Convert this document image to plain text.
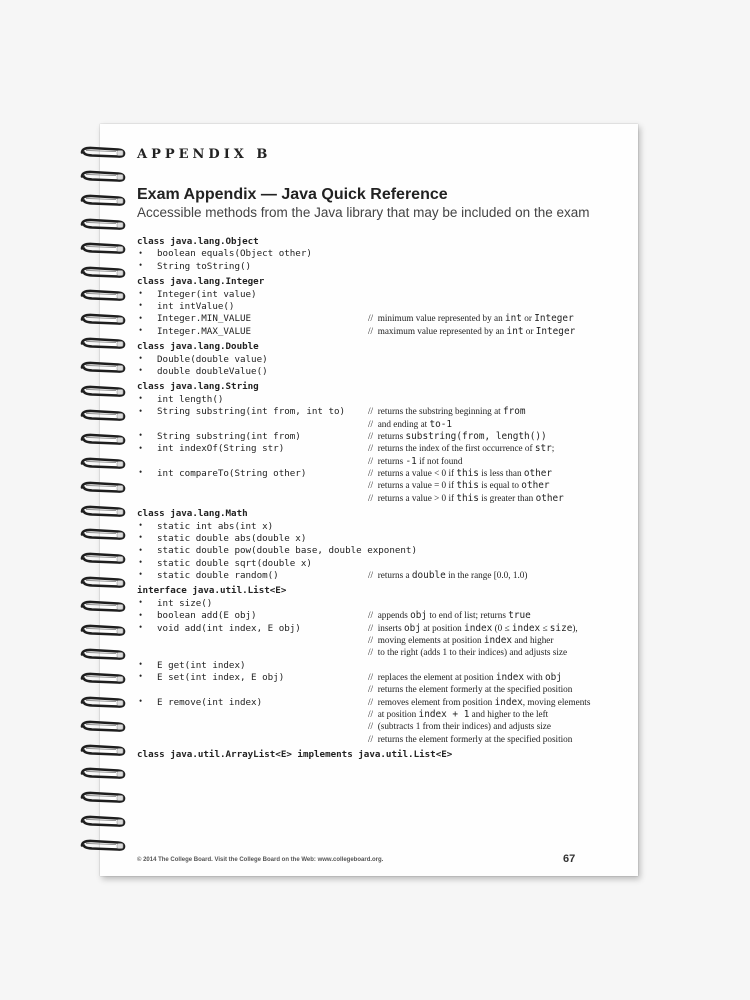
APPENDIX B
Exam Appendix — Java Quick Reference
Accessible methods from the Java library that may be included on the exam
class java.lang.Object
• boolean equals(Object other)
• String toString()
class java.lang.Integer
• Integer(int value)
• int intValue()
• Integer.MIN_VALUE	//  minimum value represented by an int or Integer
• Integer.MAX_VALUE	//  maximum value represented by an int or Integer
class java.lang.Double
• Double(double value)
• double doubleValue()
class java.lang.String
• int length()
• String substring(int from, int to) //  returns the substring beginning at from
//  and ending at to-1
• String substring(int from)	//  returns substring(from, length())
• int indexOf(String str)	//  returns the index of the first occurrence of str;
//  returns -1 if not found
• int compareTo(String other)	//  returns a value < 0 if this is less than other
//  returns a value = 0 if this is equal to other
//  returns a value > 0 if this is greater than other
class java.lang.Math
• static int abs(int x)
• static double abs(double x)
• static double pow(double base, double exponent)
• static double sqrt(double x)
• static double random()	//  returns a double in the range [0.0, 1.0)
interface java.util.List<E>
• int size()
• boolean add(E obj)	//  appends obj to end of list; returns true
• void add(int index, E obj)	//  inserts obj at position index (0 ≤ index ≤ size),
//  moving elements at position index and higher
//  to the right (adds 1 to their indices) and adjusts size
• E get(int index)
• E set(int index, E obj)	//  replaces the element at position index with obj
//  returns the element formerly at the specified position
• E remove(int index)	//  removes element from position index, moving elements
//  at position index + 1 and higher to the left
//  (subtracts 1 from their indices) and adjusts size
//  returns the element formerly at the specified position
class java.util.ArrayList<E> implements java.util.List<E>
© 2014 The College Board. Visit the College Board on the Web: www.collegeboard.org.	67
